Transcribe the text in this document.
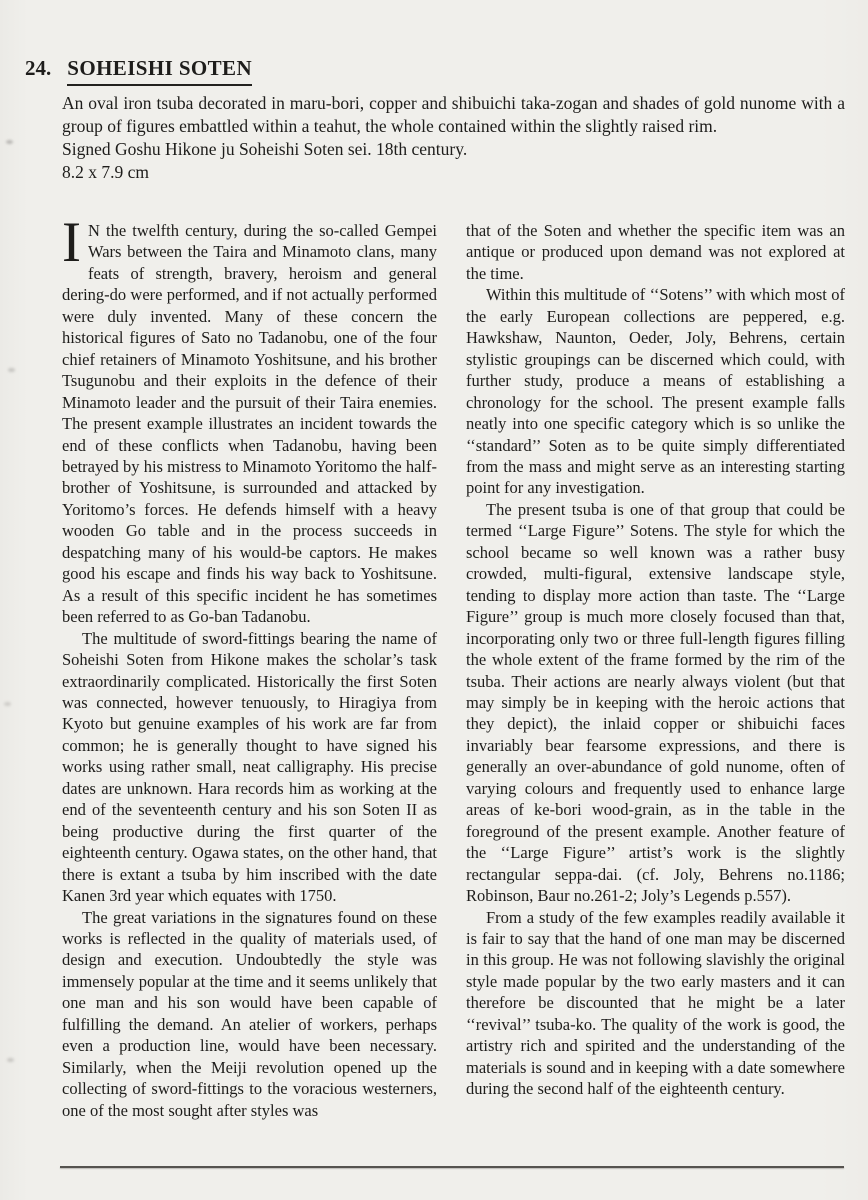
24. SOHEISHI SOTEN

An oval iron tsuba decorated in maru-bori, copper and shibuichi taka-zogan and shades of gold nunome with a group of figures embattled within a teahut, the whole contained within the slightly raised rim.

Signed Goshu Hikone ju Soheishi Soten sei. 18th century.

8.2 x 7.9 cm

I N the twelfth century, during the so-called Gempei Wars between the Taira and Minamoto clans, many feats of strength, bravery, heroism and general dering-do were performed, and if not actually performed were duly invented. Many of these concern the historical figures of Sato no Tadanobu, one of the four chief retainers of Minamoto Yoshitsune, and his brother Tsugunobu and their exploits in the defence of their Minamoto leader and the pursuit of their Taira enemies. The present example illustrates an incident towards the end of these conflicts when Tadanobu, having been betrayed by his mistress to Minamoto Yoritomo the half-brother of Yoshitsune, is surrounded and attacked by Yoritomo’s forces. He defends himself with a heavy wooden Go table and in the process succeeds in despatching many of his would-be captors. He makes good his escape and finds his way back to Yoshitsune. As a result of this specific incident he has sometimes been referred to as Go-ban Tadanobu.

The multitude of sword-fittings bearing the name of Soheishi Soten from Hikone makes the scholar’s task extraordinarily complicated. Historically the first Soten was connected, however tenuously, to Hiragiya from Kyoto but genuine examples of his work are far from common; he is generally thought to have signed his works using rather small, neat calligraphy. His precise dates are unknown. Hara records him as working at the end of the seventeenth century and his son Soten II as being productive during the first quarter of the eighteenth century. Ogawa states, on the other hand, that there is extant a tsuba by him inscribed with the date Kanen 3rd year which equates with 1750.

The great variations in the signatures found on these works is reflected in the quality of materials used, of design and execution. Undoubtedly the style was immensely popular at the time and it seems unlikely that one man and his son would have been capable of fulfilling the demand. An atelier of workers, perhaps even a production line, would have been necessary. Similarly, when the Meiji revolution opened up the collecting of sword-fittings to the voracious westerners, one of the most sought after styles was

that of the Soten and whether the specific item was an antique or produced upon demand was not explored at the time.

Within this multitude of ‘‘Sotens’’ with which most of the early European collections are peppered, e.g. Hawkshaw, Naunton, Oeder, Joly, Behrens, certain stylistic groupings can be discerned which could, with further study, produce a means of establishing a chronology for the school. The present example falls neatly into one specific category which is so unlike the ‘‘standard’’ Soten as to be quite simply differentiated from the mass and might serve as an interesting starting point for any investigation.

The present tsuba is one of that group that could be termed ‘‘Large Figure’’ Sotens. The style for which the school became so well known was a rather busy crowded, multi-figural, extensive landscape style, tending to display more action than taste. The ‘‘Large Figure’’ group is much more closely focused than that, incorporating only two or three full-length figures filling the whole extent of the frame formed by the rim of the tsuba. Their actions are nearly always violent (but that may simply be in keeping with the heroic actions that they depict), the inlaid copper or shibuichi faces invariably bear fearsome expressions, and there is generally an over-abundance of gold nunome, often of varying colours and frequently used to enhance large areas of ke-bori wood-grain, as in the table in the foreground of the present example. Another feature of the ‘‘Large Figure’’ artist’s work is the slightly rectangular seppa-dai. (cf. Joly, Behrens no.1186; Robinson, Baur no.261-2; Joly’s Legends p.557).

From a study of the few examples readily available it is fair to say that the hand of one man may be discerned in this group. He was not following slavishly the original style made popular by the two early masters and it can therefore be discounted that he might be a later ‘‘revival’’ tsuba-ko. The quality of the work is good, the artistry rich and spirited and the understanding of the materials is sound and in keeping with a date somewhere during the second half of the eighteenth century.
